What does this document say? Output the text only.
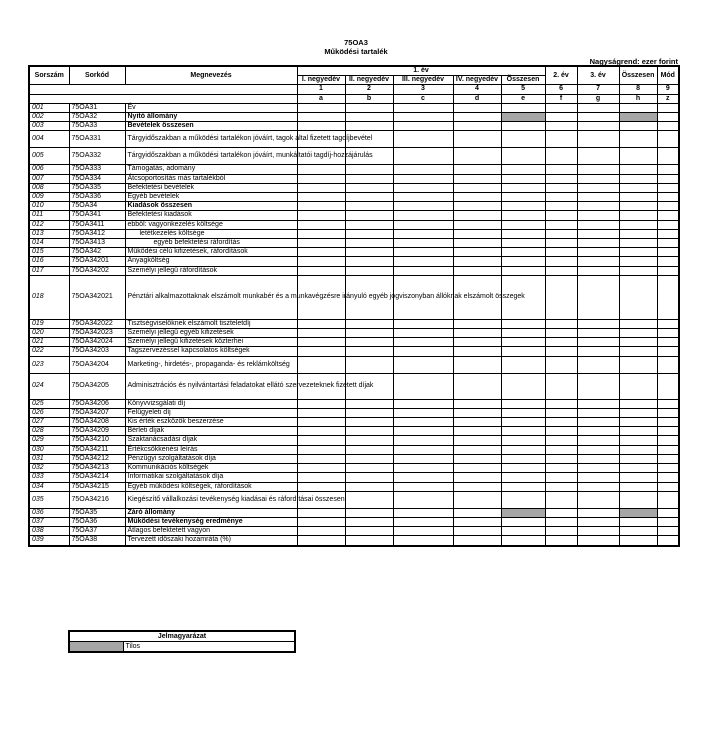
75OA3
Működési tartalék
Nagyságrend: ezer forint
Sorszám	Sorkód	Megnevezés	1. év					2. év	3. év	Összesen	Mód
			I. negyedév	II. negyedév	III. negyedév	IV. negyedév	Összesen				
			1	2	3	4	5	6	7	8	9
			a	b	c	d	e	f	g	h	z
001	75OA31	Év									
002	75OA32	Nyitó állomány									
003	75OA33	Bevételek összesen									
004	75OA331	Tárgyidőszakban a működési tartalékon jóváírt, tagok által fizetett tagdíjbevétel									
005	75OA332	Tárgyidőszakban a működési tartalékon jóváírt, munkáltatói tagdíj-hozzájárulás									
006	75OA333	Támogatás, adomány									
007	75OA334	Átcsoportosítás más tartalékból									
008	75OA335	Befektetési bevételek									
009	75OA336	Egyéb bevételek									
010	75OA34	Kiadások összesen									
011	75OA341	Befektetési kiadások									
012	75OA3411	ebből: vagyonkezelés költsége									
013	75OA3412	letétkezelés költsége									
014	75OA3413	egyéb befektetési ráfordítás									
015	75OA342	Működési célú kifizetések, ráfordítások									
016	75OA34201	Anyagköltség									
017	75OA34202	Személyi jellegű ráfordítások									
018	75OA342021	Pénztári alkalmazottaknak elszámolt munkabér és a munkavégzésre irányuló egyéb jogviszonyban állóknak elszámolt összegek									
019	75OA342022	Tisztségviselőknek elszámolt tiszteletdíj									
020	75OA342023	Személyi jellegű egyéb kifizetések									
021	75OA342024	Személyi jellegű kifizetések közterhei									
022	75OA34203	Tagszervezéssel kapcsolatos költségek									
023	75OA34204	Marketing-, hirdetés-, propaganda- és reklámköltség									
024	75OA34205	Adminisztrációs és nyilvántartási feladatokat ellátó szervezeteknek fizetett díjak									
025	75OA34206	Könyvvizsgálati díj									
026	75OA34207	Felügyeleti díj									
027	75OA34208	Kis érték eszközök beszerzése									
028	75OA34209	Bérleti díjak									
029	75OA34210	Szaktanácsadási díjak									
030	75OA34211	Értékcsökkenési leírás									
031	75OA34212	Pénzügyi szolgáltatások díja									
032	75OA34213	Kommunikációs költségek									
033	75OA34214	Informatikai szolgáltatások díja									
034	75OA34215	Egyéb működési költségek, ráfordítások									
035	75OA34216	Kiegészítő vállalkozási tevékenység kiadásai és ráfordításai összesen									
036	75OA35	Záró állomány									
037	75OA36	Működési tevékenység eredménye									
038	75OA37	Átlagos befektetett vagyon									
039	75OA38	Tervezett időszaki hozamráta (%)									
Jelmagyarázat
	Tilos
